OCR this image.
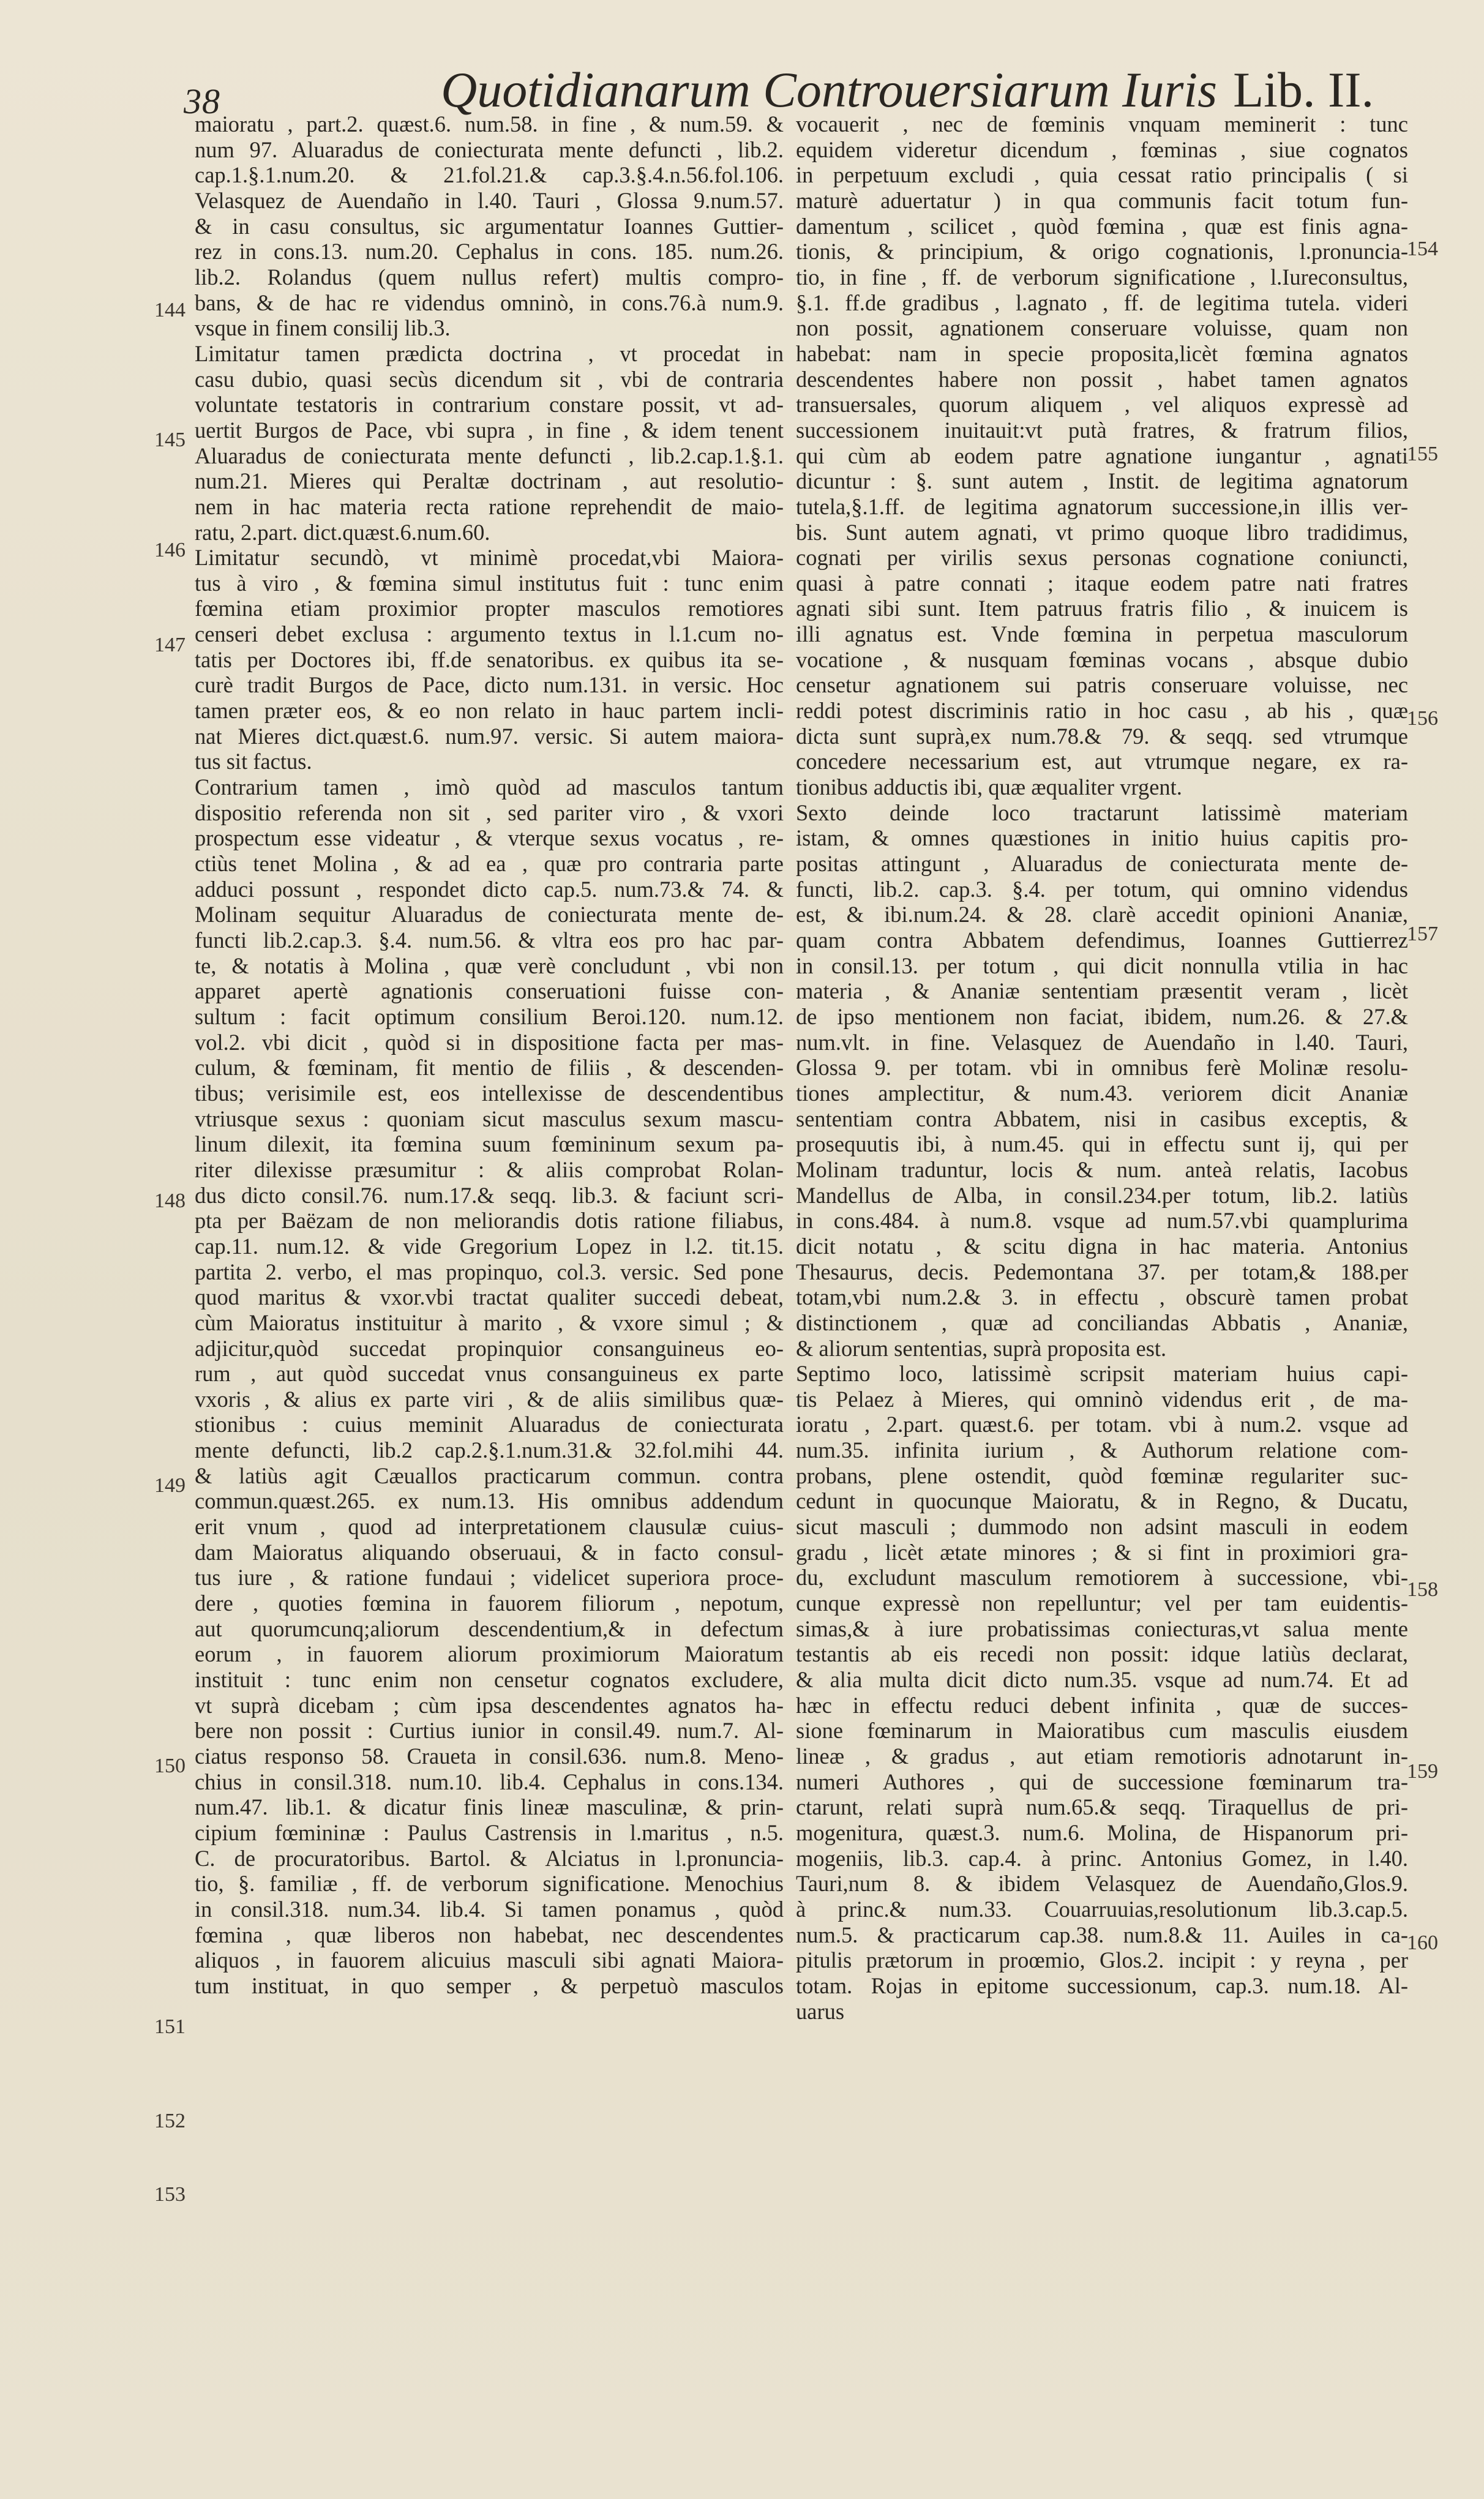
38	Quotidianarum Controuersiarum Iuris Lib. II.
maioratu , part.2. quæst.6. num.58. in fine , & num.59. &
num 97. Aluaradus de coniecturata mente defuncti , lib.2.
cap.1.§.1.num.20. & 21.fol.21.& cap.3.§.4.n.56.fol.106.
Velasquez de Auendaño in l.40. Tauri , Glossa 9.num.57.
& in casu consultus, sic argumentatur Ioannes Guttier-
rez in cons.13. num.20. Cephalus in cons. 185. num.26.
lib.2. Rolandus (quem nullus refert) multis compro-
bans, & de hac re videndus omninò, in cons.76.à num.9.
vsque in finem consilij lib.3.
Limitatur tamen prædicta doctrina , vt procedat in
casu dubio, quasi secùs dicendum sit , vbi de contraria
voluntate testatoris in contrarium constare possit, vt ad-
uertit Burgos de Pace, vbi supra , in fine , & idem tenent
Aluaradus de coniecturata mente defuncti , lib.2.cap.1.§.1.
num.21. Mieres qui Peraltæ doctrinam , aut resolutio-
nem in hac materia recta ratione reprehendit de maio-
ratu, 2.part. dict.quæst.6.num.60.
Limitatur secundò, vt minimè procedat,vbi Maiora-
tus à viro , & fœmina simul institutus fuit : tunc enim
fœmina etiam proximior propter masculos remotiores
censeri debet exclusa : argumento textus in l.1.cum no-
tatis per Doctores ibi, ff.de senatoribus. ex quibus ita se-
curè tradit Burgos de Pace, dicto num.131. in versic. Hoc
tamen præter eos, & eo non relato in hauc partem incli-
nat Mieres dict.quæst.6. num.97. versic. Si autem maiora-
tus sit factus.
Contrarium tamen , imò quòd ad masculos tantum
dispositio referenda non sit , sed pariter viro , & vxori
prospectum esse videatur , & vterque sexus vocatus , re-
ctiùs tenet Molina , & ad ea , quæ pro contraria parte
adduci possunt , respondet dicto cap.5. num.73.& 74. &
Molinam sequitur Aluaradus de coniecturata mente de-
functi lib.2.cap.3. §.4. num.56. & vltra eos pro hac par-
te, & notatis à Molina , quæ verè concludunt , vbi non
apparet apertè agnationis conseruationi fuisse con-
sultum : facit optimum consilium Beroi.120. num.12.
vol.2. vbi dicit , quòd si in dispositione facta per mas-
culum, & fœminam, fit mentio de filiis , & descenden-
tibus; verisimile est, eos intellexisse de descendentibus
vtriusque sexus : quoniam sicut masculus sexum mascu-
linum dilexit, ita fœmina suum fœmininum sexum pa-
riter dilexisse præsumitur : & aliis comprobat Rolan-
dus dicto consil.76. num.17.& seqq. lib.3. & faciunt scri-
pta per Baëzam de non meliorandis dotis ratione filiabus,
cap.11. num.12. & vide Gregorium Lopez in l.2. tit.15.
partita 2. verbo, el mas propinquo, col.3. versic. Sed pone
quod maritus & vxor.vbi tractat qualiter succedi debeat,
cùm Maioratus instituitur à marito , & vxore simul ; &
adjicitur,quòd succedat propinquior consanguineus eo-
rum , aut quòd succedat vnus consanguineus ex parte
vxoris , & alius ex parte viri , & de aliis similibus quæ-
stionibus : cuius meminit Aluaradus de coniecturata
mente defuncti, lib.2 cap.2.§.1.num.31.& 32.fol.mihi 44.
& latiùs agit Cæuallos practicarum commun. contra
commun.quæst.265. ex num.13. His omnibus addendum
erit vnum , quod ad interpretationem clausulæ cuius-
dam Maioratus aliquando obseruaui, & in facto consul-
tus iure , & ratione fundaui ; videlicet superiora proce-
dere , quoties fœmina in fauorem filiorum , nepotum,
aut quorumcunq;aliorum descendentium,& in defectum
eorum , in fauorem aliorum proximiorum Maioratum
instituit : tunc enim non censetur cognatos excludere,
vt suprà dicebam ; cùm ipsa descendentes agnatos ha-
bere non possit : Curtius iunior in consil.49. num.7. Al-
ciatus responso 58. Craueta in consil.636. num.8. Meno-
chius in consil.318. num.10. lib.4. Cephalus in cons.134.
num.47. lib.1. & dicatur finis lineæ masculinæ, & prin-
cipium fœmininæ : Paulus Castrensis in l.maritus , n.5.
C. de procuratoribus. Bartol. & Alciatus in l.pronuncia-
tio, §. familiæ , ff. de verborum significatione. Menochius
in consil.318. num.34. lib.4. Si tamen ponamus , quòd
fœmina , quæ liberos non habebat, nec descendentes
aliquos , in fauorem alicuius masculi sibi agnati Maiora-
tum instituat, in quo semper , & perpetuò masculos
vocauerit , nec de fœminis vnquam meminerit : tunc
equidem videretur dicendum , fœminas , siue cognatos
in perpetuum excludi , quia cessat ratio principalis ( si
maturè aduertatur ) in qua communis facit totum fun-
damentum , scilicet , quòd fœmina , quæ est finis agna-
tionis, & principium, & origo cognationis, l.pronuncia-
tio, in fine , ff. de verborum significatione , l.Iureconsultus,
§.1. ff.de gradibus , l.agnato , ff. de legitima tutela. videri
non possit, agnationem conseruare voluisse, quam non
habebat: nam in specie proposita,licèt fœmina agnatos
descendentes habere non possit , habet tamen agnatos
transuersales, quorum aliquem , vel aliquos expressè ad
successionem inuitauit:vt putà fratres, & fratrum filios,
qui cùm ab eodem patre agnatione iungantur , agnati
dicuntur : §. sunt autem , Instit. de legitima agnatorum
tutela,§.1.ff. de legitima agnatorum successione,in illis ver-
bis. Sunt autem agnati, vt primo quoque libro tradidimus,
cognati per virilis sexus personas cognatione coniuncti,
quasi à patre connati ; itaque eodem patre nati fratres
agnati sibi sunt. Item patruus fratris filio , & inuicem is
illi agnatus est. Vnde fœmina in perpetua masculorum
vocatione , & nusquam fœminas vocans , absque dubio
censetur agnationem sui patris conseruare voluisse, nec
reddi potest discriminis ratio in hoc casu , ab his , quæ
dicta sunt suprà,ex num.78.& 79. & seqq. sed vtrumque
concedere necessarium est, aut vtrumque negare, ex ra-
tionibus adductis ibi, quæ æqualiter vrgent.
Sexto deinde loco tractarunt latissimè materiam
istam, & omnes quæstiones in initio huius capitis pro-
positas attingunt , Aluaradus de coniecturata mente de-
functi, lib.2. cap.3. §.4. per totum, qui omnino videndus
est, & ibi.num.24. & 28. clarè accedit opinioni Ananiæ,
quam contra Abbatem defendimus, Ioannes Guttierrez
in consil.13. per totum , qui dicit nonnulla vtilia in hac
materia , & Ananiæ sententiam præsentit veram , licèt
de ipso mentionem non faciat, ibidem, num.26. & 27.&
num.vlt. in fine. Velasquez de Auendaño in l.40. Tauri,
Glossa 9. per totam. vbi in omnibus ferè Molinæ resolu-
tiones amplectitur, & num.43. veriorem dicit Ananiæ
sententiam contra Abbatem, nisi in casibus exceptis, &
prosequutis ibi, à num.45. qui in effectu sunt ij, qui per
Molinam traduntur, locis & num. anteà relatis, Iacobus
Mandellus de Alba, in consil.234.per totum, lib.2. latiùs
in cons.484. à num.8. vsque ad num.57.vbi quamplurima
dicit notatu , & scitu digna in hac materia. Antonius
Thesaurus, decis. Pedemontana 37. per totam,& 188.per
totam,vbi num.2.& 3. in effectu , obscurè tamen probat
distinctionem , quæ ad conciliandas Abbatis , Ananiæ,
& aliorum sententias, suprà proposita est.
Septimo loco, latissimè scripsit materiam huius capi-
tis Pelaez à Mieres, qui omninò videndus erit , de ma-
ioratu , 2.part. quæst.6. per totam. vbi à num.2. vsque ad
num.35. infinita iurium , & Authorum relatione com-
probans, plene ostendit, quòd fœminæ regulariter suc-
cedunt in quocunque Maioratu, & in Regno, & Ducatu,
sicut masculi ; dummodo non adsint masculi in eodem
gradu , licèt ætate minores ; & si fint in proximiori gra-
du, excludunt masculum remotiorem à successione, vbi-
cunque expressè non repelluntur; vel per tam euidentis-
simas,& à iure probatissimas coniecturas,vt salua mente
testantis ab eis recedi non possit: idque latiùs declarat,
& alia multa dicit dicto num.35. vsque ad num.74. Et ad
hæc in effectu reduci debent infinita , quæ de succes-
sione fœminarum in Maioratibus cum masculis eiusdem
lineæ , & gradus , aut etiam remotioris adnotarunt in-
numeri Authores , qui de successione fœminarum tra-
ctarunt, relati suprà num.65.& seqq. Tiraquellus de pri-
mogenitura, quæst.3. num.6. Molina, de Hispanorum pri-
mogeniis, lib.3. cap.4. à princ. Antonius Gomez, in l.40.
Tauri,num 8. & ibidem Velasquez de Auendaño,Glos.9.
à princ.& num.33. Couarruuias,resolutionum lib.3.cap.5.
num.5. & practicarum cap.38. num.8.& 11. Auiles in ca-
pitulis prætorum in proœmio, Glos.2. incipit : y reyna , per
totam. Rojas in epitome successionum, cap.3. num.18. Al-
uarus
144
145
146
147
148
149
150
151
152
153
154
155
156
157
158
159
160
